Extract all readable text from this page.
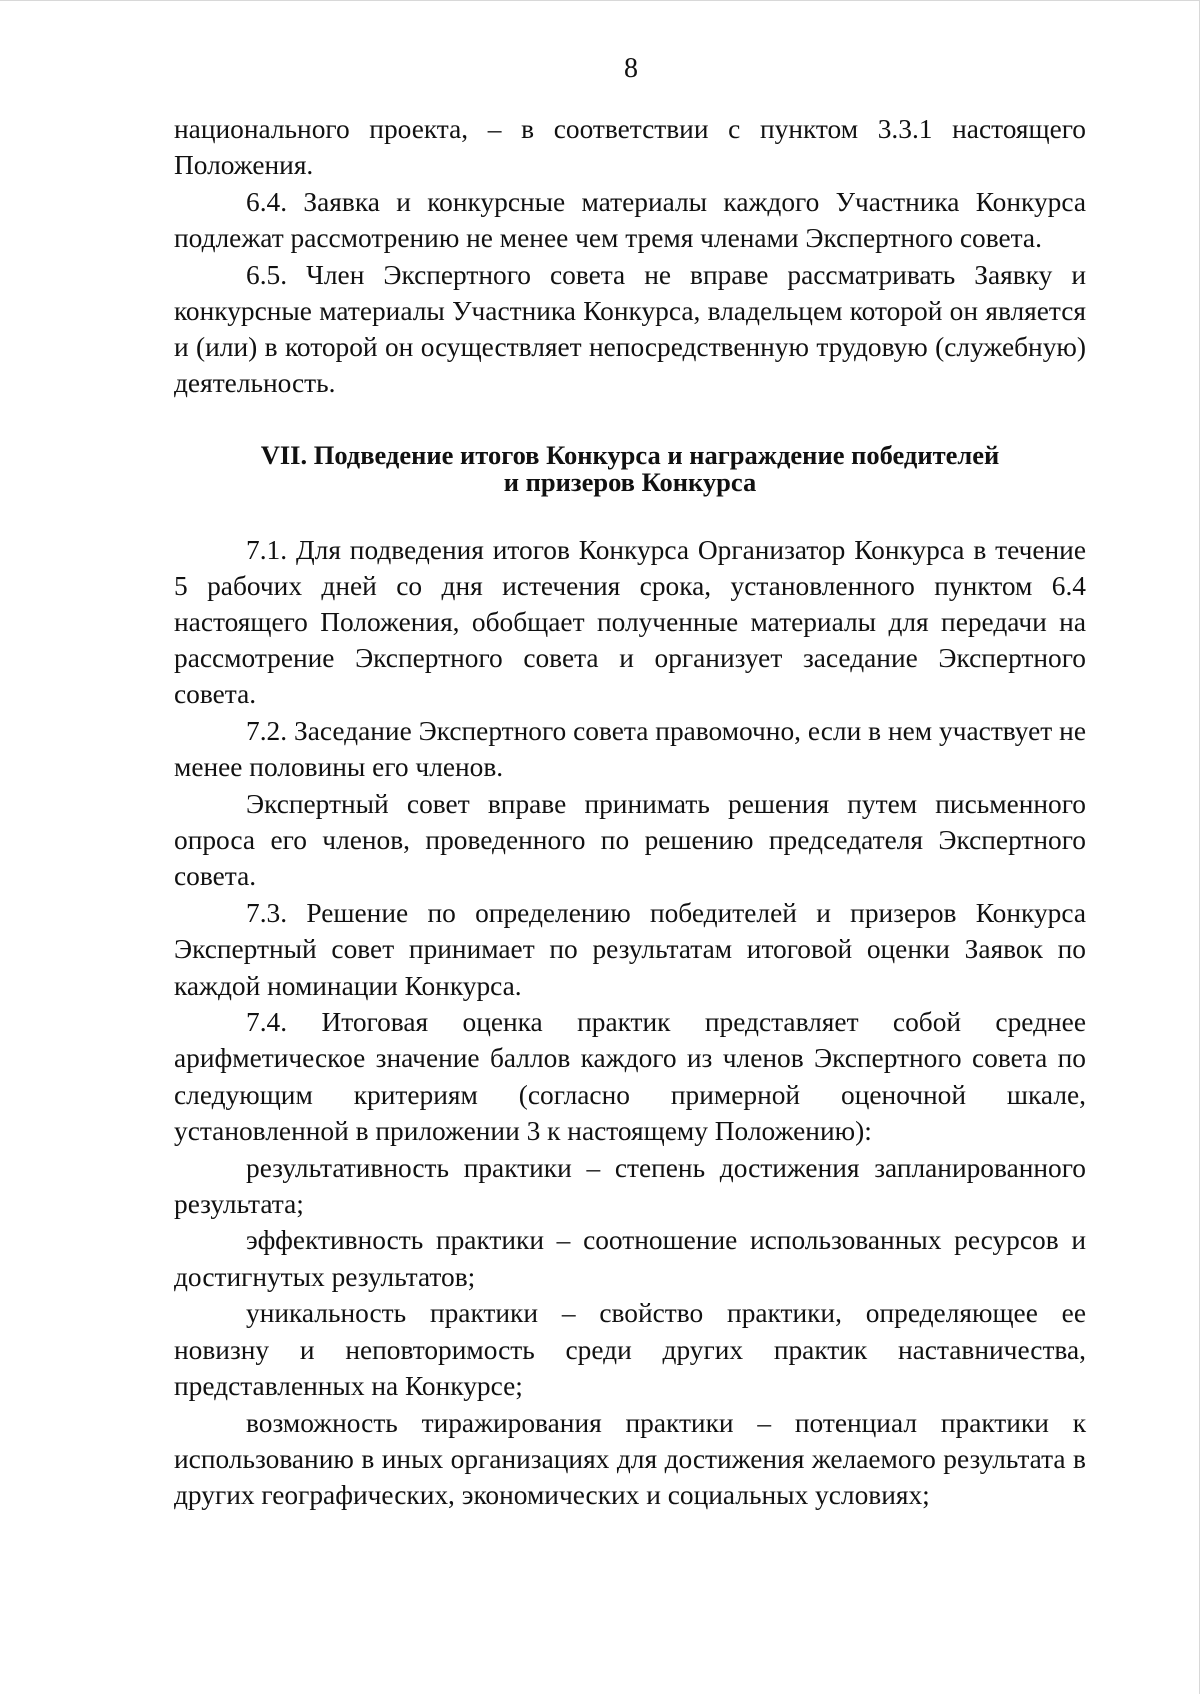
8

национального проекта, – в соответствии с пунктом 3.3.1 настоящего Положения.

6.4. Заявка и конкурсные материалы каждого Участника Конкурса подлежат рассмотрению не менее чем тремя членами Экспертного совета.

6.5. Член Экспертного совета не вправе рассматривать Заявку и конкурсные материалы Участника Конкурса, владельцем которой он является и (или) в которой он осуществляет непосредственную трудовую (служебную) деятельность.

VII. Подведение итогов Конкурса и награждение победителей
и призеров Конкурса

7.1. Для подведения итогов Конкурса Организатор Конкурса в течение 5 рабочих дней со дня истечения срока, установленного пунктом 6.4 настоящего Положения, обобщает полученные материалы для передачи на рассмотрение Экспертного совета и организует заседание Экспертного совета.

7.2. Заседание Экспертного совета правомочно, если в нем участвует не менее половины его членов.

Экспертный совет вправе принимать решения путем письменного опроса его членов, проведенного по решению председателя Экспертного совета.

7.3. Решение по определению победителей и призеров Конкурса Экспертный совет принимает по результатам итоговой оценки Заявок по каждой номинации Конкурса.

7.4. Итоговая оценка практик представляет собой среднее арифметическое значение баллов каждого из членов Экспертного совета по следующим критериям (согласно примерной оценочной шкале, установленной в приложении 3 к настоящему Положению):

результативность практики – степень достижения запланированного результата;

эффективность практики – соотношение использованных ресурсов и достигнутых результатов;

уникальность практики – свойство практики, определяющее ее новизну и неповторимость среди других практик наставничества, представленных на Конкурсе;

возможность тиражирования практики – потенциал практики к использованию в иных организациях для достижения желаемого результата в других географических, экономических и социальных условиях;
